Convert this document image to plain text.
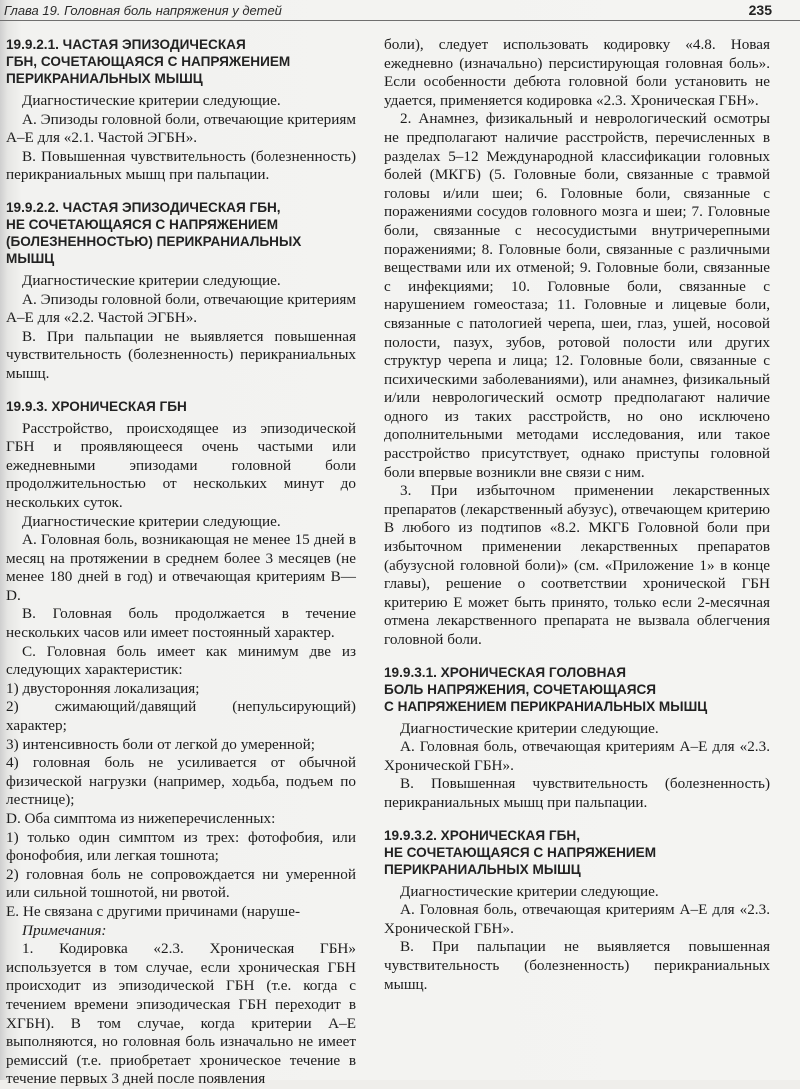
Глава 19. Головная боль напряжения у детей	235
19.9.2.1. ЧАСТАЯ ЭПИЗОДИЧЕСКАЯ
ГБН, СОЧЕТАЮЩАЯСЯ С НАПРЯЖЕНИЕМ
ПЕРИКРАНИАЛЬНЫХ МЫШЦ

Диагностические критерии следующие.

А. Эпизоды головной боли, отвечающие критериям А–Е для «2.1. Частой ЭГБН».

В. Повышенная чувствительность (болезненность) перикраниальных мышц при пальпации.

19.9.2.2. ЧАСТАЯ ЭПИЗОДИЧЕСКАЯ ГБН,
НЕ СОЧЕТАЮЩАЯСЯ С НАПРЯЖЕНИЕМ
(БОЛЕЗНЕННОСТЬЮ) ПЕРИКРАНИАЛЬНЫХ
МЫШЦ

Диагностические критерии следующие.

А. Эпизоды головной боли, отвечающие критериям А–Е для «2.2. Частой ЭГБН».

В. При пальпации не выявляется повышенная чувствительность (болезненность) перикраниальных мышц.

19.9.3. ХРОНИЧЕСКАЯ ГБН

Расстройство, происходящее из эпизодической ГБН и проявляющееся очень частыми или ежедневными эпизодами головной боли продолжительностью от нескольких минут до нескольких суток.

Диагностические критерии следующие.

А. Головная боль, возникающая не менее 15 дней в месяц на протяжении в среднем более 3 месяцев (не менее 180 дней в год) и отвечающая критериям В—D.

В. Головная боль продолжается в течение нескольких часов или имеет постоянный характер.

С. Головная боль имеет как минимум две из следующих характеристик:

1) двусторонняя локализация;

2) сжимающий/давящий (непульсирующий) характер;

3) интенсивность боли от легкой до умеренной;

4) головная боль не усиливается от обычной физической нагрузки (например, ходьба, подъем по лестнице);

D. Оба симптома из нижеперечисленных:

1) только один симптом из трех: фотофобия, или фонофобия, или легкая тошнота;

2) головная боль не сопровождается ни умеренной или сильной тошнотой, ни рвотой.

Е. Не связана с другими причинами (наруше-

Примечания:

1. Кодировка «2.3. Хроническая ГБН» используется в том случае, если хроническая ГБН происходит из эпизодической ГБН (т.е. когда с течением времени эпизодическая ГБН переходит в ХГБН). В том случае, когда критерии А–Е выполняются, но головная боль изначально не имеет ремиссий (т.е. приобретает хроническое течение в течение первых 3 дней после появления

боли), следует использовать кодировку «4.8. Новая ежедневно (изначально) персистирующая головная боль». Если особенности дебюта головной боли установить не удается, применяется кодировка «2.3. Хроническая ГБН».

2. Анамнез, физикальный и неврологический осмотры не предполагают наличие расстройств, перечисленных в разделах 5–12 Международной классификации головных болей (МКГБ) (5. Головные боли, связанные с травмой головы и/или шеи; 6. Головные боли, связанные с поражениями сосудов головного мозга и шеи; 7. Головные боли, связанные с несосудистыми внутричерепными поражениями; 8. Головные боли, связанные с различными веществами или их отменой; 9. Головные боли, связанные с инфекциями; 10. Головные боли, связанные с нарушением гомеостаза; 11. Головные и лицевые боли, связанные с патологией черепа, шеи, глаз, ушей, носовой полости, пазух, зубов, ротовой полости или других структур черепа и лица; 12. Головные боли, связанные с психическими заболеваниями), или анамнез, физикальный и/или неврологический осмотр предполагают наличие одного из таких расстройств, но оно исключено дополнительными методами исследования, или такое расстройство присутствует, однако приступы головной боли впервые возникли вне связи с ним.

3. При избыточном применении лекарственных препаратов (лекарственный абузус), отвечающем критерию В любого из подтипов «8.2. МКГБ Головной боли при избыточном применении лекарственных препаратов (абузусной головной боли)» (см. «Приложение 1» в конце главы), решение о соответствии хронической ГБН критерию Е может быть принято, только если 2-месячная отмена лекарственного препарата не вызвала облегчения головной боли.

19.9.3.1. ХРОНИЧЕСКАЯ ГОЛОВНАЯ
БОЛЬ НАПРЯЖЕНИЯ, СОЧЕТАЮЩАЯСЯ
С НАПРЯЖЕНИЕМ ПЕРИКРАНИАЛЬНЫХ МЫШЦ

Диагностические критерии следующие.

А. Головная боль, отвечающая критериям А–Е для «2.3. Хронической ГБН».

В. Повышенная чувствительность (болезненность) перикраниальных мышц при пальпации.

19.9.3.2. ХРОНИЧЕСКАЯ ГБН,
НЕ СОЧЕТАЮЩАЯСЯ С НАПРЯЖЕНИЕМ
ПЕРИКРАНИАЛЬНЫХ МЫШЦ

Диагностические критерии следующие.

А. Головная боль, отвечающая критериям А–Е для «2.3. Хронической ГБН».

В. При пальпации не выявляется повышенная чувствительность (болезненность) перикраниальных мышц.
